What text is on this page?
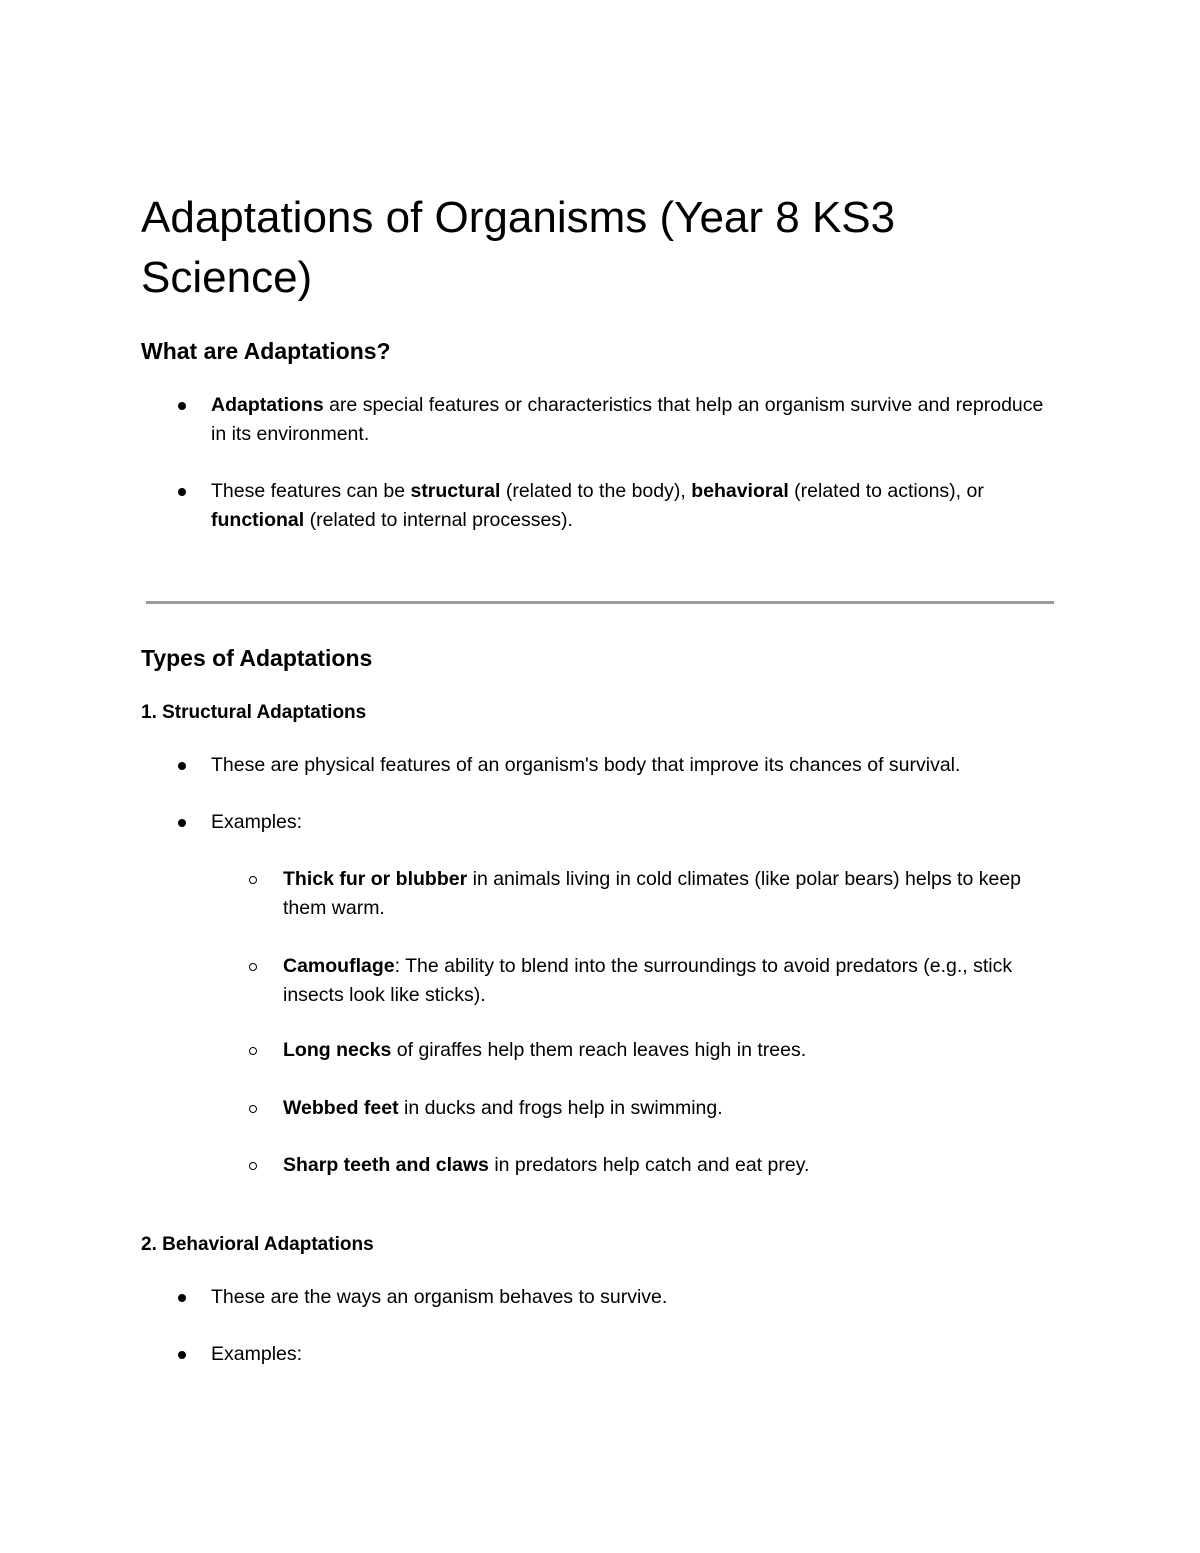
Adaptations of Organisms (Year 8 KS3 Science)
What are Adaptations?

Adaptations are special features or characteristics that help an organism survive and reproduce in its environment.

These features can be structural (related to the body), behavioral (related to actions), or functional (related to internal processes).

Types of Adaptations
1. Structural Adaptations

These are physical features of an organism's body that improve its chances of survival.

Examples:

Thick fur or blubber in animals living in cold climates (like polar bears) helps to keep them warm.

Camouflage: The ability to blend into the surroundings to avoid predators (e.g., stick insects look like sticks).

Long necks of giraffes help them reach leaves high in trees.

Webbed feet in ducks and frogs help in swimming.

Sharp teeth and claws in predators help catch and eat prey.

2. Behavioral Adaptations

These are the ways an organism behaves to survive.

Examples:
